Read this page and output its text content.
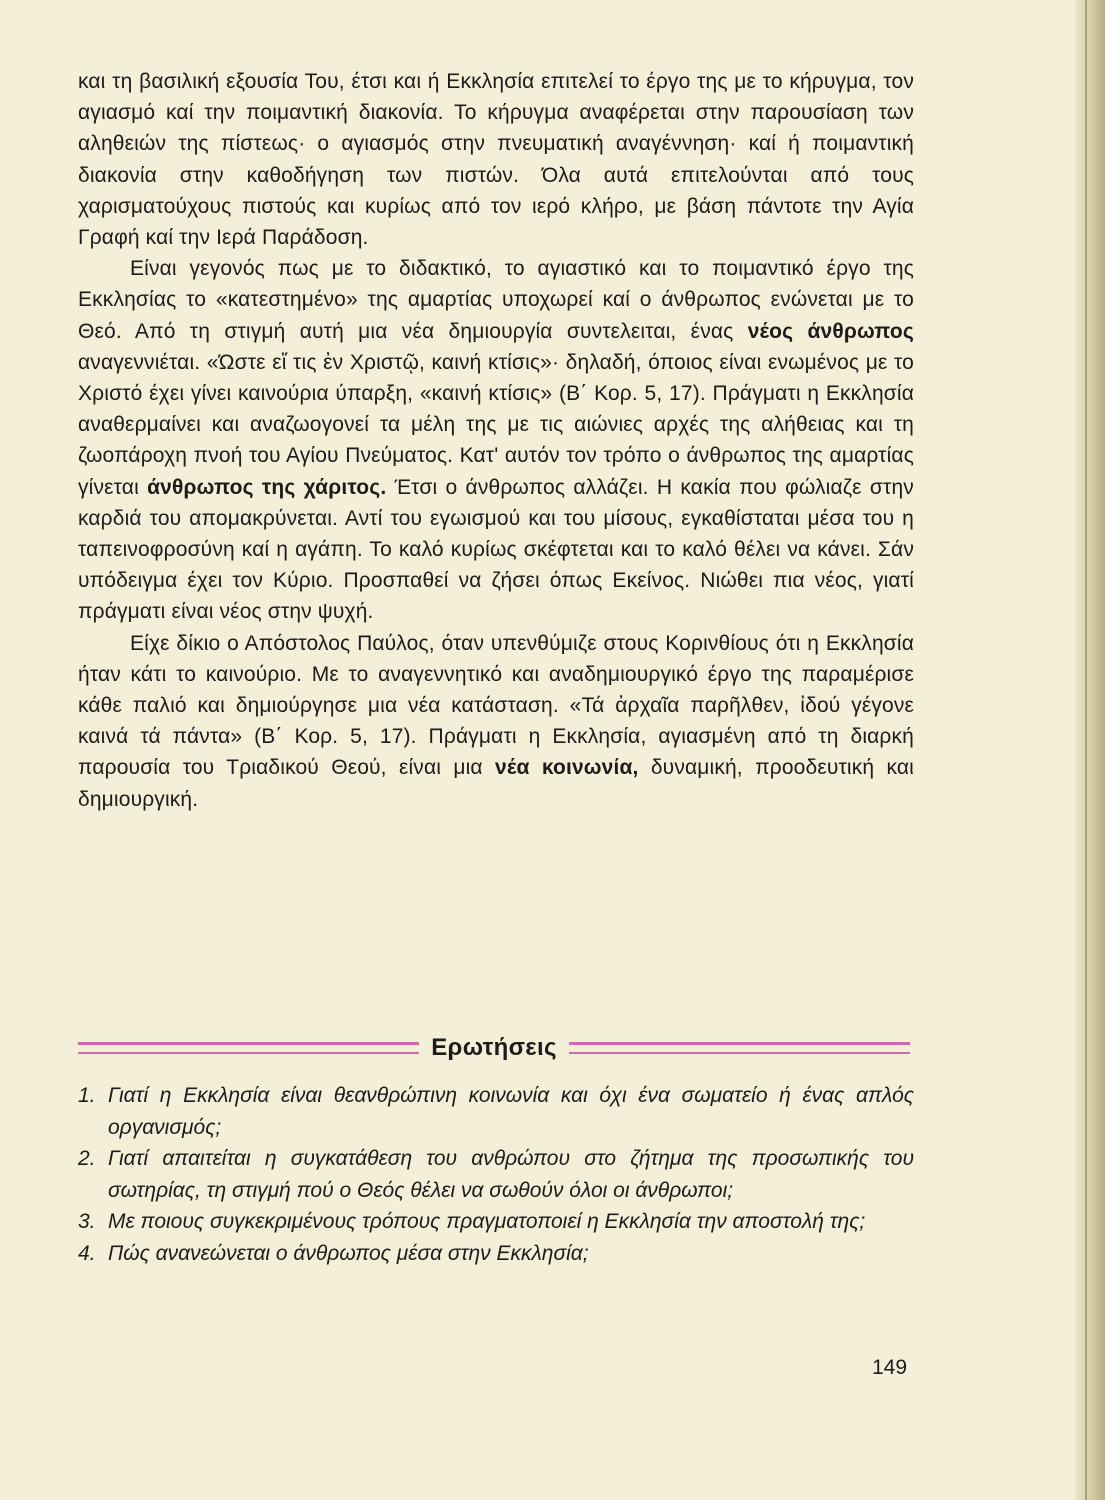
και τη βασιλική εξουσία Του, έτσι και ή Εκκλησία επιτελεί το έργο της με το κήρυγμα, τον αγιασμό καί την ποιμαντική διακονία. Το κήρυγμα αναφέρεται στην παρουσίαση των αληθειών της πίστεως· ο αγιασμός στην πνευματική αναγέννηση· καί ή ποιμαντική διακονία στην καθοδήγηση των πιστών. Όλα αυτά επιτελούνται από τους χαρισματούχους πιστούς και κυρίως από τον ιερό κλήρο, με βάση πάντοτε την Αγία Γραφή καί την Ιερά Παράδοση.

Είναι γεγονός πως με το διδακτικό, το αγιαστικό και το ποιμαντικό έργο της Εκκλησίας το «κατεστημένο» της αμαρτίας υποχωρεί καί ο άνθρωπος ενώνεται με το Θεό. Από τη στιγμή αυτή μια νέα δημιουργία συντελειται, ένας νέος άνθρωπος αναγεννιέται. «Ώστε εἴ τις ἐν Χριστῷ, καινή κτίσις»· δηλαδή, όποιος είναι ενωμένος με το Χριστό έχει γίνει καινούρια ύπαρξη, «καινή κτίσις» (Β΄ Κορ. 5, 17). Πράγματι η Εκκλησία αναθερμαίνει και αναζωογονεί τα μέλη της με τις αιώνιες αρχές της αλήθειας και τη ζωοπάροχη πνοή του Αγίου Πνεύματος. Κατ' αυτόν τον τρόπο ο άνθρωπος της αμαρτίας γίνεται άνθρωπος της χάριτος. Έτσι ο άνθρωπος αλλάζει. Η κακία που φώλιαζε στην καρδιά του απομακρύνεται. Αντί του εγωισμού και του μίσους, εγκαθίσταται μέσα του η ταπεινοφροσύνη καί η αγάπη. Το καλό κυρίως σκέφτεται και το καλό θέλει να κάνει. Σάν υπόδειγμα έχει τον Κύριο. Προσπαθεί να ζήσει όπως Εκείνος. Νιώθει πια νέος, γιατί πράγματι είναι νέος στην ψυχή.

Είχε δίκιο ο Απόστολος Παύλος, όταν υπενθύμιζε στους Κορινθίους ότι η Εκκλησία ήταν κάτι το καινούριο. Με το αναγεννητικό και αναδημιουργικό έργο της παραμέρισε κάθε παλιό και δημιούργησε μια νέα κατάσταση. «Τά ἀρχαῖα παρῆλθεν, ἰδού γέγονε καινά τά πάντα» (Β΄ Κορ. 5, 17). Πράγματι η Εκκλησία, αγιασμένη από τη διαρκή παρουσία του Τριαδικού Θεού, είναι μια νέα κοινωνία, δυναμική, προοδευτική και δημιουργική.

Ερωτήσεις
1. Γιατί η Εκκλησία είναι θεανθρώπινη κοινωνία και όχι ένα σωματείο ή ένας απλός οργανισμός;
2. Γιατί απαιτείται η συγκατάθεση του ανθρώπου στο ζήτημα της προσωπικής του σωτηρίας, τη στιγμή πού ο Θεός θέλει να σωθούν όλοι οι άνθρωποι;
3. Με ποιους συγκεκριμένους τρόπους πραγματοποιεί η Εκκλησία την αποστολή της;
4. Πώς ανανεώνεται ο άνθρωπος μέσα στην Εκκλησία;
149
